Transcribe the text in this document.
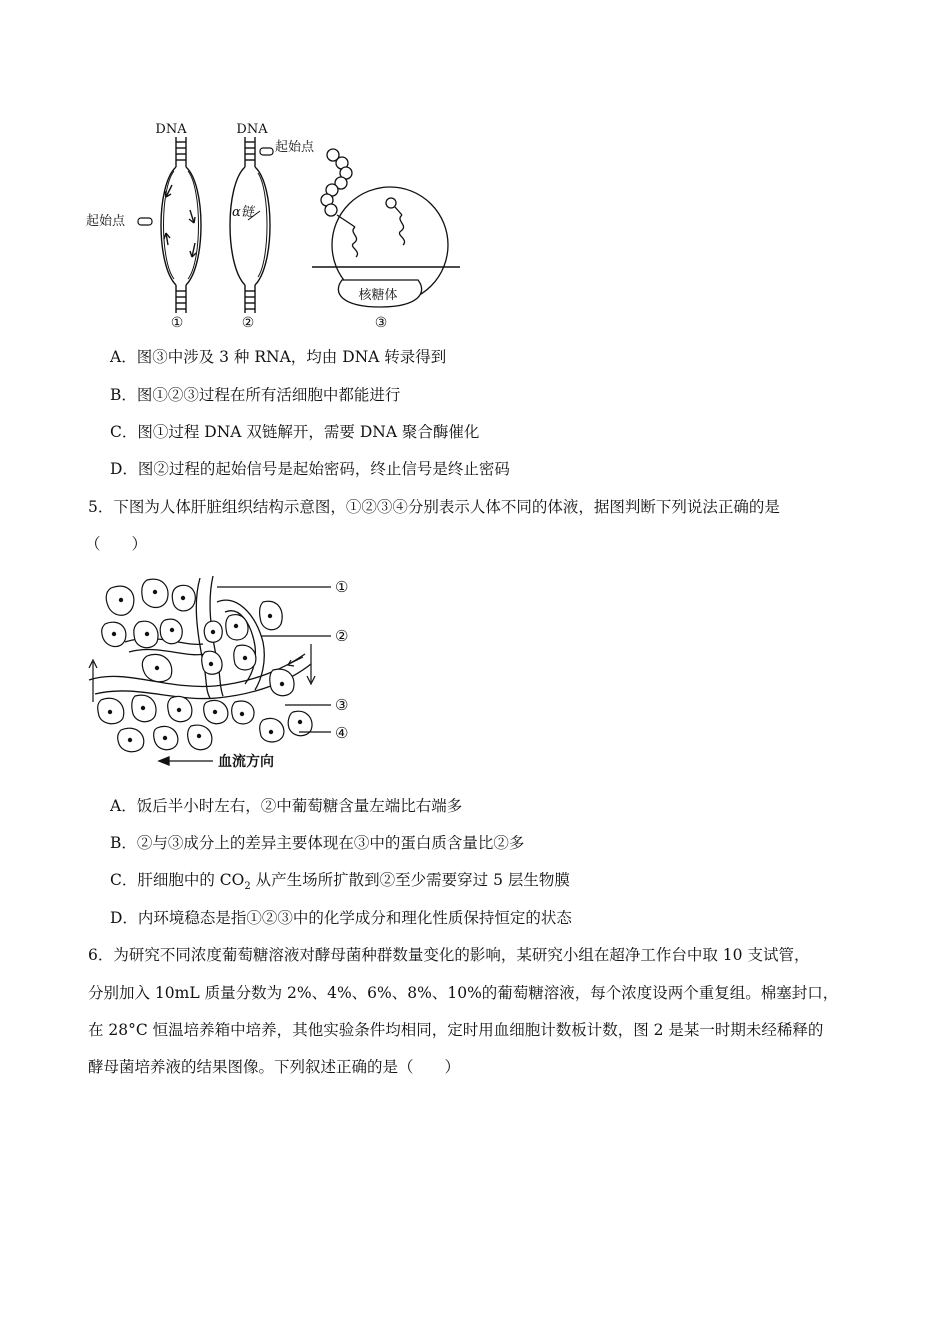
DNA
起始点
①
DNA
起始点
α链
②
核糖体
③
A．图③中涉及 3 种 RNA，均由 DNA 转录得到
B．图①②③过程在所有活细胞中都能进行
C．图①过程 DNA 双链解开，需要 DNA 聚合酶催化
D．图②过程的起始信号是起始密码，终止信号是终止密码
5．下图为人体肝脏组织结构示意图，①②③④分别表示人体不同的体液，据图判断下列说法正确的是
（　　）
①
②
③
④
血流方向
A．饭后半小时左右，②中葡萄糖含量左端比右端多
B．②与③成分上的差异主要体现在③中的蛋白质含量比②多
C．肝细胞中的 $CO_2$ 从产生场所扩散到②至少需要穿过 5 层生物膜
D．内环境稳态是指①②③中的化学成分和理化性质保持恒定的状态
6．为研究不同浓度葡萄糖溶液对酵母菌种群数量变化的影响，某研究小组在超净工作台中取 10 支试管，
分别加入 10mL 质量分数为 2%、4%、6%、8%、10%的葡萄糖溶液，每个浓度设两个重复组。棉塞封口，
在 28°C 恒温培养箱中培养，其他实验条件均相同，定时用血细胞计数板计数，图 2 是某一时期未经稀释的
酵母菌培养液的结果图像。下列叙述正确的是（　　）
